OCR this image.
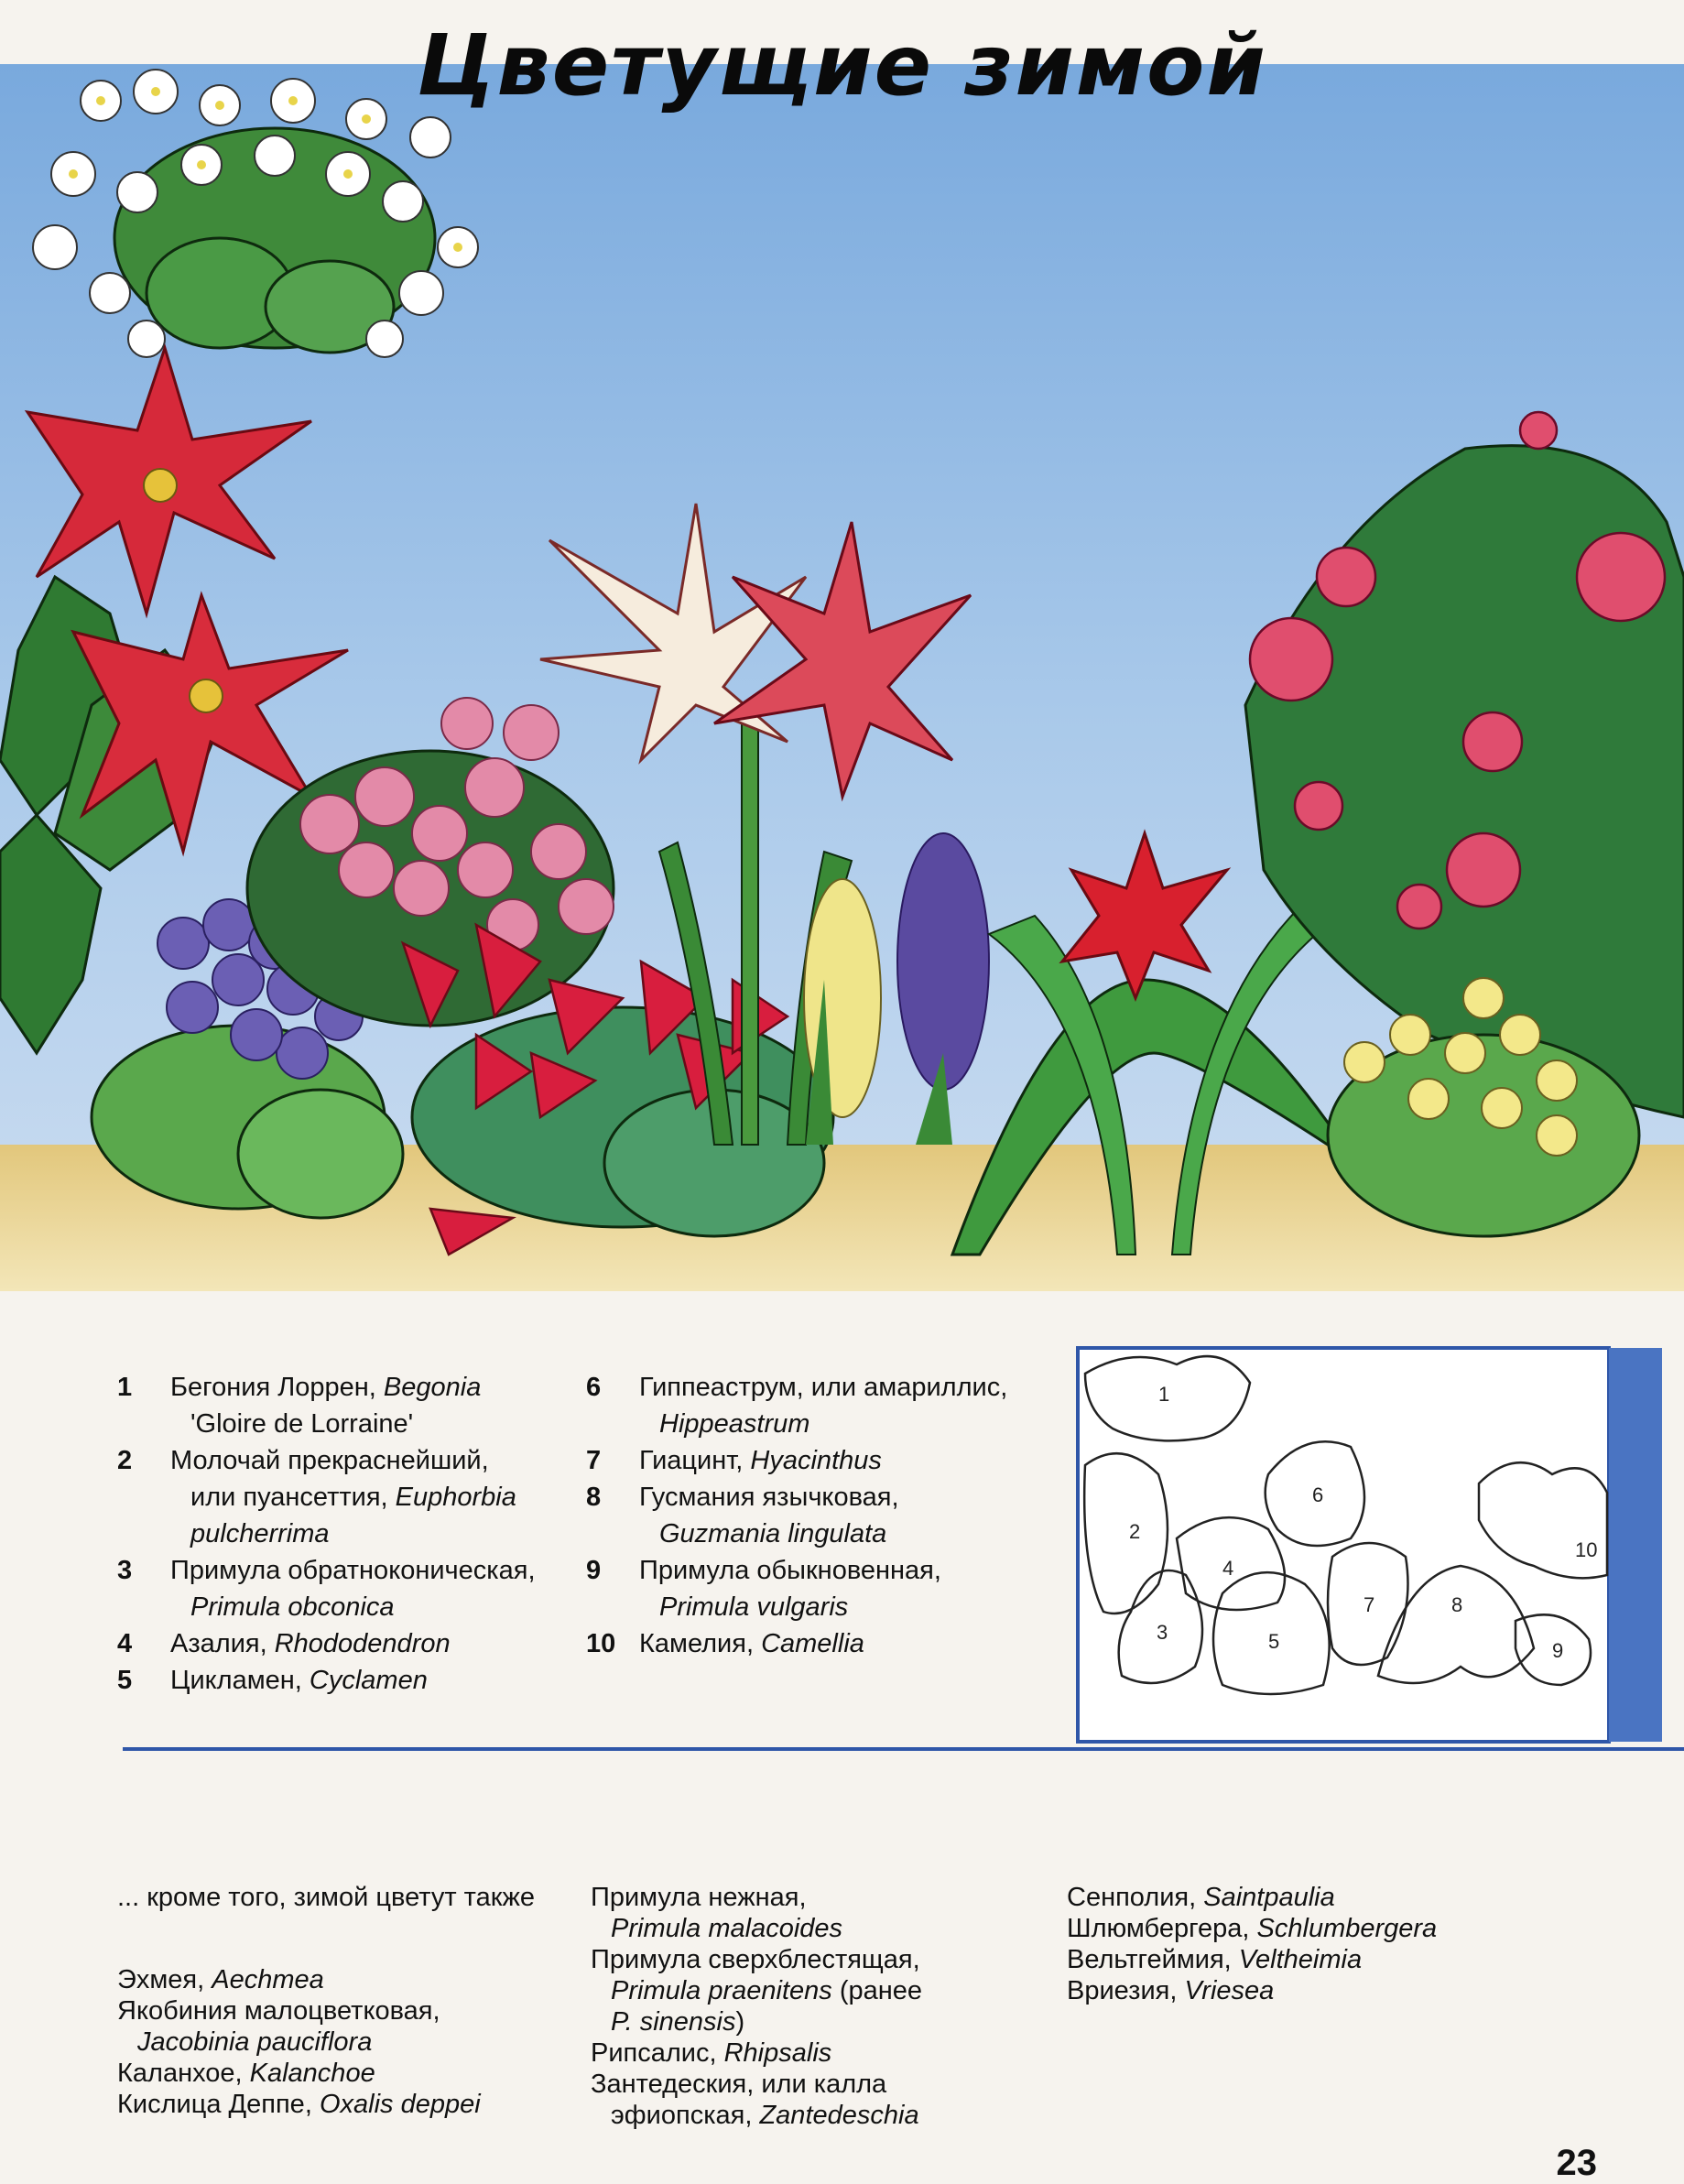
Цветущие зимой
1	Бегония Лоррен, Begonia
'Gloire de Lorraine'
2	Молочай прекраснейший,
или пуансеттия, Euphorbia
pulcherrima
3	Примула обратноконическая,
Primula obconica
4	Азалия, Rhododendron
5	Цикламен, Cyclamen
6	Гиппеаструм, или амариллис,
Hippeastrum
7	Гиацинт, Hyacinthus
8	Гусмания язычковая,
Guzmania lingulata
9	Примула обыкновенная,
Primula vulgaris
10 Камелия, Camellia
1
2
3
4
5
6
7	8
9
10
... кроме того, зимой цветут также
Эхмея, Aechmea
Якобиния малоцветковая,
Jacobinia pauciflora
Каланхое, Kalanchoe
Кислица Деппе, Oxalis deppei
Примула нежная,
Primula malacoides
Примула сверхблестящая,
Primula praenitens (ранее
P. sinensis)
Рипсалис, Rhipsalis
Зантедеския, или калла
эфиопская, Zantedeschia
Сенполия, Saintpaulia
Шлюмбергера, Schlumbergera
Вельтгеймия, Veltheimia
Вриезия, Vriesea
23
